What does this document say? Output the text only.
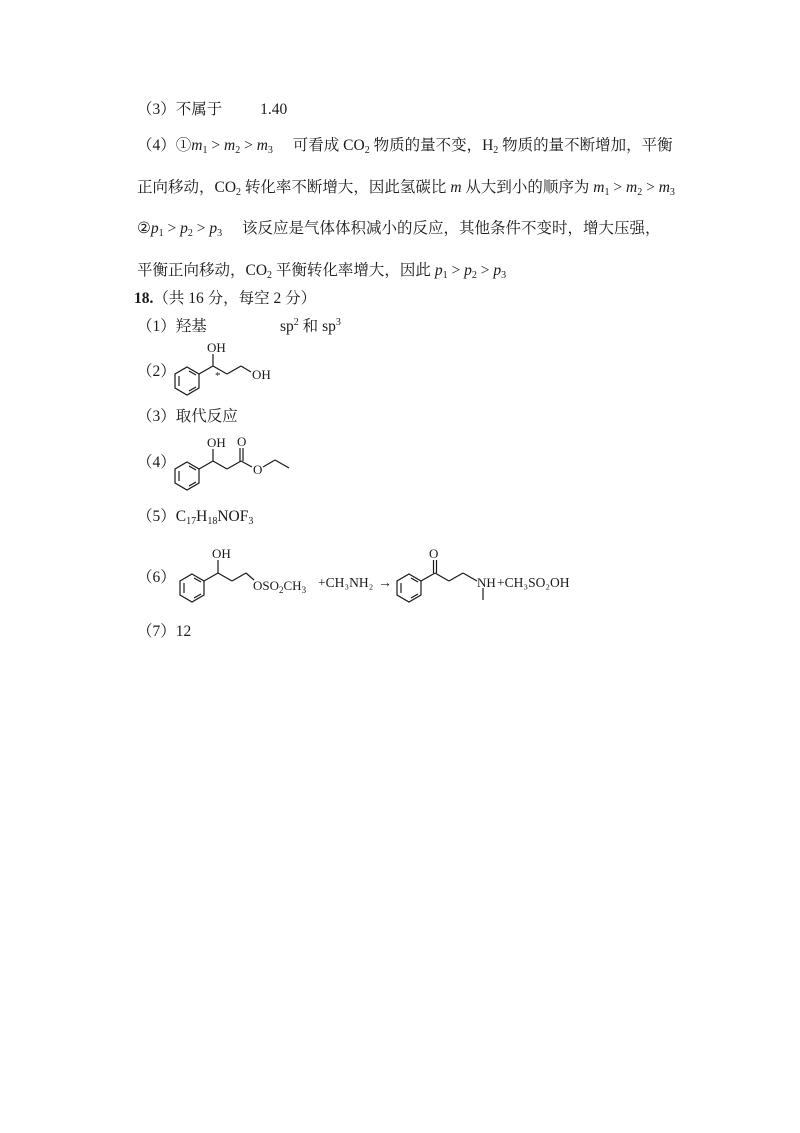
（3）不属于 1.40
$(4)①m_1 > m_2 > m_3$ 可看成 $CO_2$ 物质的量不变，$H_2$ 物质的量不断增加，平衡
正向移动，$CO_2$ 转化率不断增大，因此氢碳比 m 从大到小的顺序为 $m_1 > m_2 > m_3$
$②p_1 > p_2 > p_3$ 该反应是气体体积减小的反应，其他条件不变时，增大压强，
平衡正向移动，$CO_2$ 平衡转化率增大，因此 $p_1 > p_2 > p_3$
18.（共 16 分，每空 2 分）
（1）羟基	$sp^2$ 和 $sp^3$
（2）
OH
* OH
（3）取代反应
（4）
OH O
O
$(5)C_{17}H_{18}NOF_3$
（6）
OH
$OSO_2CH_3 +CH_3NH_2$ →
O
NH +CH₃SO₂OH
（7）12
